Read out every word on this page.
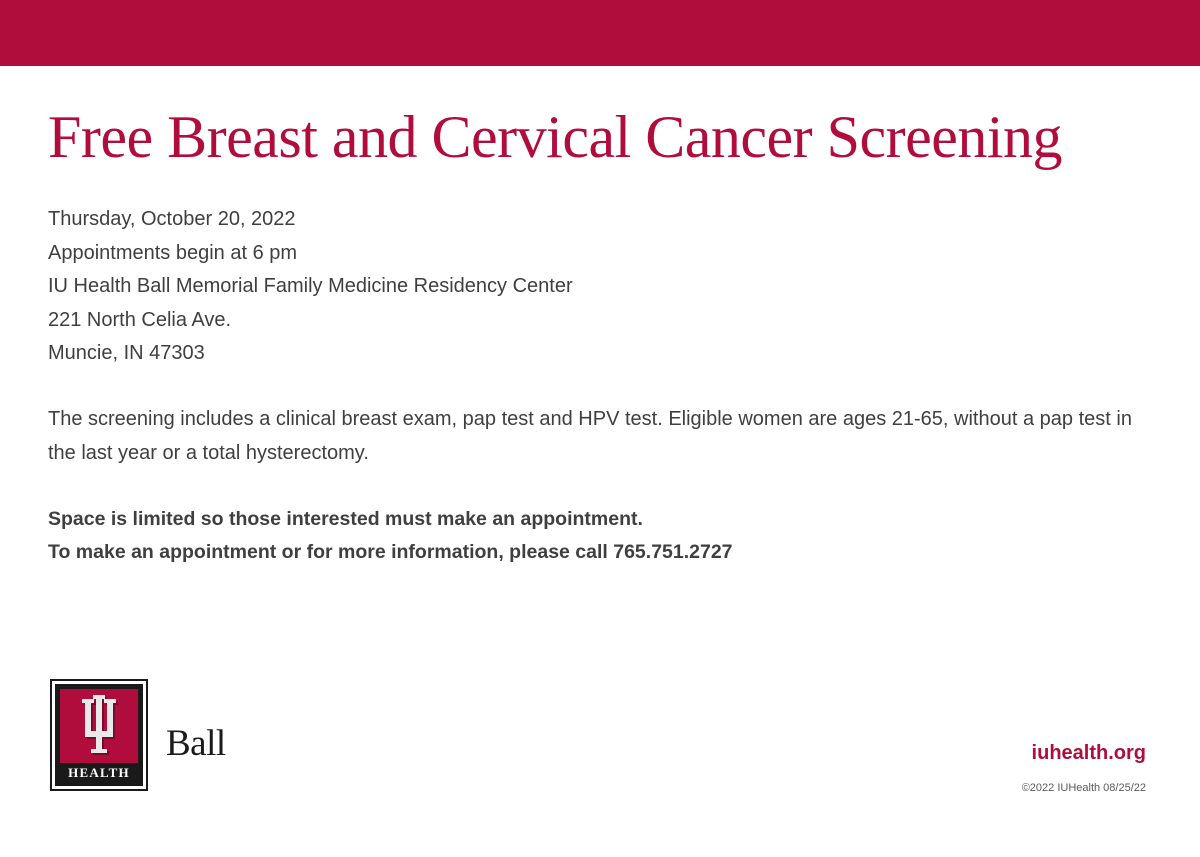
Free Breast and Cervical Cancer Screening
Thursday, October 20, 2022
Appointments begin at 6 pm
IU Health Ball Memorial Family Medicine Residency Center
221 North Celia Ave.
Muncie, IN 47303

The screening includes a clinical breast exam, pap test and HPV test. Eligible women are ages 21-65, without a pap test in the last year or a total hysterectomy.

Space is limited so those interested must make an appointment.
To make an appointment or for more information, please call 765.751.2727

HEALTH
Ball	iuhealth.org
©2022 IUHealth 08/25/22
